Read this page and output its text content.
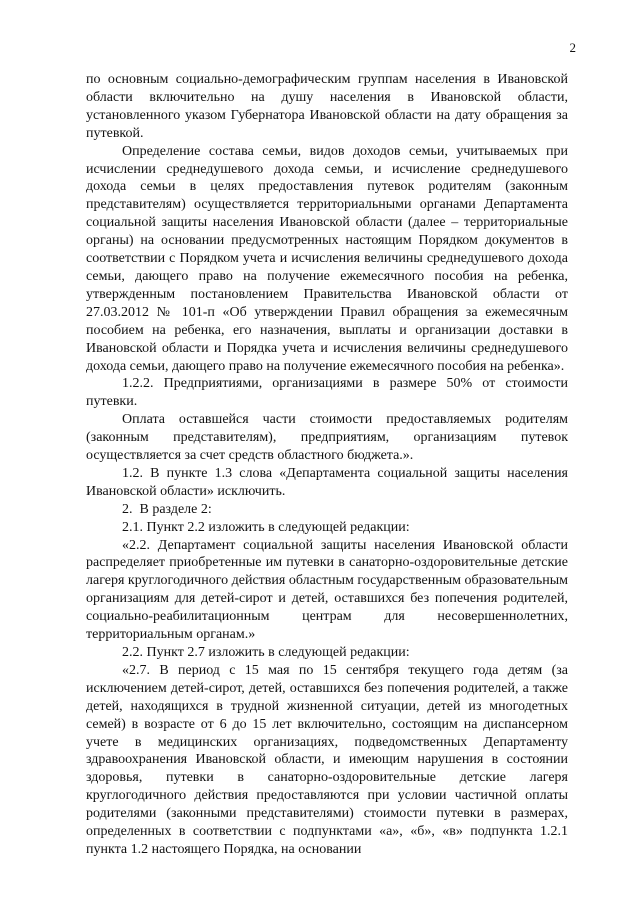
2

по основным социально-демографическим группам населения в Ивановской области включительно на душу населения в Ивановской области, установленного указом Губернатора Ивановской области на дату обращения за путевкой.

Определение состава семьи, видов доходов семьи, учитываемых при исчислении среднедушевого дохода семьи, и исчисление среднедушевого дохода семьи в целях предоставления путевок родителям (законным представителям) осуществляется территориальными органами Департамента социальной защиты населения Ивановской области (далее – территориальные органы) на основании предусмотренных настоящим Порядком документов в соответствии с Порядком учета и исчисления величины среднедушевого дохода семьи, дающего право на получение ежемесячного пособия на ребенка, утвержденным постановлением Правительства Ивановской области от 27.03.2012 № 101-п «Об утверждении Правил обращения за ежемесячным пособием на ребенка, его назначения, выплаты и организации доставки в Ивановской области и Порядка учета и исчисления величины среднедушевого дохода семьи, дающего право на получение ежемесячного пособия на ребенка».

1.2.2. Предприятиями, организациями в размере 50% от стоимости путевки.

Оплата оставшейся части стоимости предоставляемых родителям (законным представителям), предприятиям, организациям путевок осуществляется за счет средств областного бюджета.».

1.2. В пункте 1.3 слова «Департамента социальной защиты населения Ивановской области» исключить.

2.  В разделе 2:

2.1. Пункт 2.2 изложить в следующей редакции:

«2.2. Департамент социальной защиты населения Ивановской области распределяет приобретенные им путевки в санаторно-оздоровительные детские лагеря круглогодичного действия областным государственным образовательным организациям для детей-сирот и детей, оставшихся без попечения родителей, социально-реабилитационным центрам для несовершеннолетних, территориальным органам.»

2.2. Пункт 2.7 изложить в следующей редакции:

«2.7. В период с 15 мая по 15 сентября текущего года детям (за исключением детей-сирот, детей, оставшихся без попечения родителей, а также детей, находящихся в трудной жизненной ситуации, детей из многодетных семей) в возрасте от 6 до 15 лет включительно, состоящим на диспансерном учете в медицинских организациях, подведомственных Департаменту здравоохранения Ивановской области, и имеющим нарушения в состоянии здоровья, путевки в санаторно-оздоровительные детские лагеря круглогодичного действия предоставляются при условии частичной оплаты родителями (законными представителями) стоимости путевки в размерах, определенных в соответствии с подпунктами «а», «б», «в» подпункта 1.2.1 пункта 1.2 настоящего Порядка, на основании
